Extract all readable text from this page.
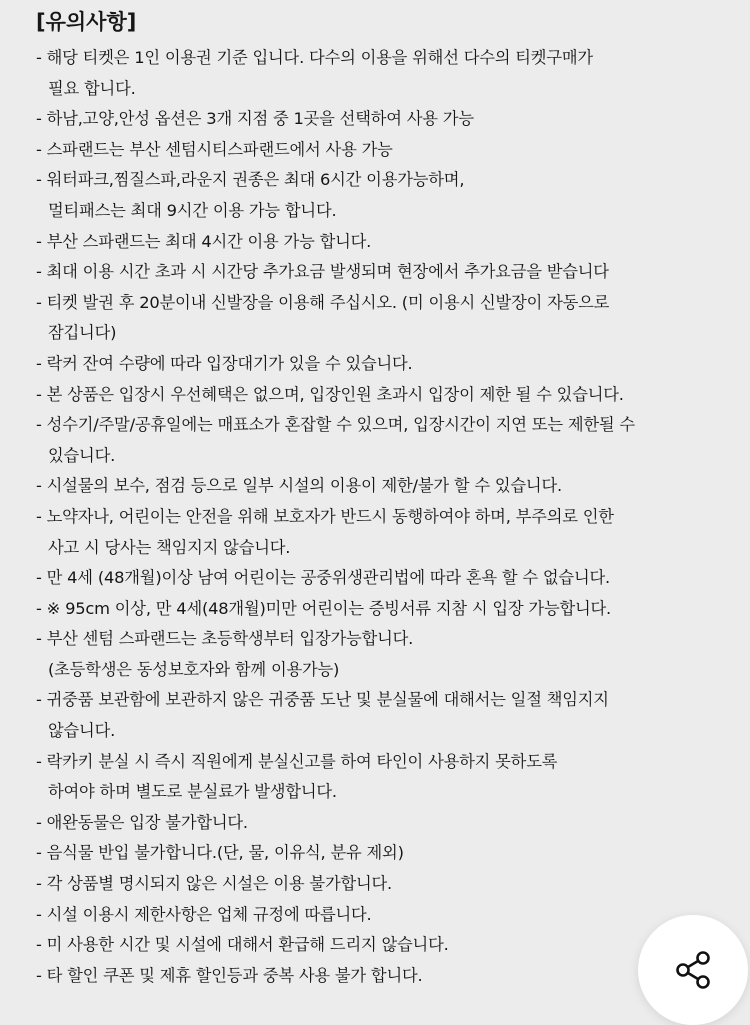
[유의사항]
- 해당 티켓은 1인 이용권 기준 입니다. 다수의 이용을 위해선 다수의 티켓구매가
필요 합니다.
- 하남,고양,안성 옵션은 3개 지점 중 1곳을 선택하여 사용 가능
- 스파랜드는 부산 센텀시티스파랜드에서 사용 가능
- 워터파크,찜질스파,라운지 권종은 최대 6시간 이용가능하며,
멀티패스는 최대 9시간 이용 가능 합니다.
- 부산 스파랜드는 최대 4시간 이용 가능 합니다.
- 최대 이용 시간 초과 시 시간당 추가요금 발생되며 현장에서 추가요금을 받습니다
- 티켓 발권 후 20분이내 신발장을 이용해 주십시오. (미 이용시 신발장이 자동으로
잠깁니다)
- 락커 잔여 수량에 따라 입장대기가 있을 수 있습니다.
- 본 상품은 입장시 우선혜택은 없으며, 입장인원 초과시 입장이 제한 될 수 있습니다.
- 성수기/주말/공휴일에는 매표소가 혼잡할 수 있으며, 입장시간이 지연 또는 제한될 수
있습니다.
- 시설물의 보수, 점검 등으로 일부 시설의 이용이 제한/불가 할 수 있습니다.
- 노약자나, 어린이는 안전을 위해 보호자가 반드시 동행하여야 하며, 부주의로 인한
사고 시 당사는 책임지지 않습니다.
- 만 4세 (48개월)이상 남여 어린이는 공중위생관리법에 따라 혼욕 할 수 없습니다.
- ※ 95cm 이상, 만 4세(48개월)미만 어린이는 증빙서류 지참 시 입장 가능합니다.
- 부산 센텀 스파랜드는 초등학생부터 입장가능합니다.
(초등학생은 동성보호자와 함께 이용가능)
- 귀중품 보관함에 보관하지 않은 귀중품 도난 및 분실물에 대해서는 일절 책임지지
않습니다.
- 락카키 분실 시 즉시 직원에게 분실신고를 하여 타인이 사용하지 못하도록
하여야 하며 별도로 분실료가 발생합니다.
- 애완동물은 입장 불가합니다.
- 음식물 반입 불가합니다.(단, 물, 이유식, 분유 제외)
- 각 상품별 명시되지 않은 시설은 이용 불가합니다.
- 시설 이용시 제한사항은 업체 규정에 따릅니다.
- 미 사용한 시간 및 시설에 대해서 환급해 드리지 않습니다.
- 타 할인 쿠폰 및 제휴 할인등과 중복 사용 불가 합니다.
